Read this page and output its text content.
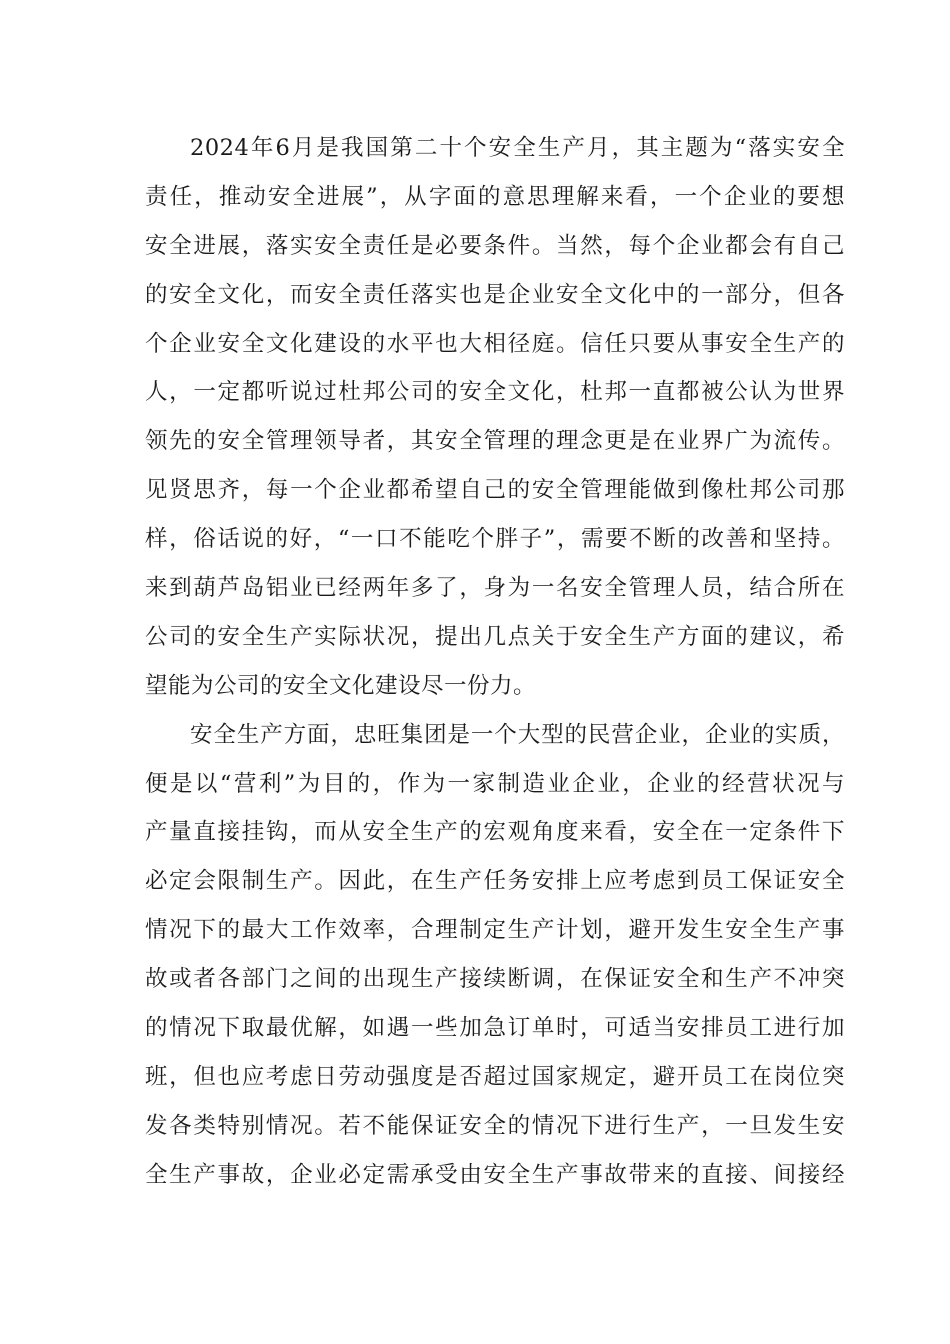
2024年6月是我国第二十个安全生产月，其主题为“落实安全
责任，推动安全进展”，从字面的意思理解来看，一个企业的要想
安全进展，落实安全责任是必要条件。当然，每个企业都会有自己
的安全文化，而安全责任落实也是企业安全文化中的一部分，但各
个企业安全文化建设的水平也大相径庭。信任只要从事安全生产的
人，一定都听说过杜邦公司的安全文化，杜邦一直都被公认为世界
领先的安全管理领导者，其安全管理的理念更是在业界广为流传。
见贤思齐，每一个企业都希望自己的安全管理能做到像杜邦公司那
样，俗话说的好，“一口不能吃个胖子”，需要不断的改善和坚持。
来到葫芦岛铝业已经两年多了，身为一名安全管理人员，结合所在
公司的安全生产实际状况，提出几点关于安全生产方面的建议，希
望能为公司的安全文化建设尽一份力。
安全生产方面，忠旺集团是一个大型的民营企业，企业的实质，
便是以“营利”为目的，作为一家制造业企业，企业的经营状况与
产量直接挂钩，而从安全生产的宏观角度来看，安全在一定条件下
必定会限制生产。因此，在生产任务安排上应考虑到员工保证安全
情况下的最大工作效率，合理制定生产计划，避开发生安全生产事
故或者各部门之间的出现生产接续断调，在保证安全和生产不冲突
的情况下取最优解，如遇一些加急订单时，可适当安排员工进行加
班，但也应考虑日劳动强度是否超过国家规定，避开员工在岗位突
发各类特别情况。若不能保证安全的情况下进行生产，一旦发生安
全生产事故，企业必定需承受由安全生产事故带来的直接、间接经
